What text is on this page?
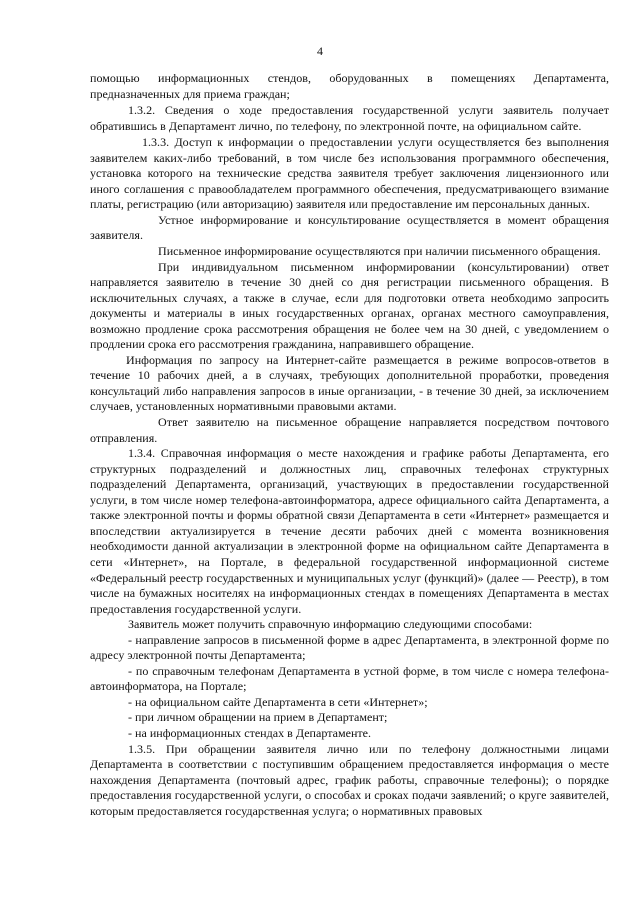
4

помощью информационных стендов, оборудованных в помещениях Департамента, предназначенных для приема граждан;

1.3.2. Сведения о ходе предоставления государственной услуги заявитель получает обратившись в Департамент лично, по телефону, по электронной почте, на официальном сайте.

1.3.3. Доступ к информации о предоставлении услуги осуществляется без выполнения заявителем каких-либо требований, в том числе без использования программного обеспечения, установка которого на технические средства заявителя требует заключения лицензионного или иного соглашения с правообладателем программного обеспечения, предусматривающего взимание платы, регистрацию (или авторизацию) заявителя или предоставление им персональных данных.

Устное информирование и консультирование осуществляется в момент обращения заявителя.

Письменное информирование осуществляются при наличии письменного обращения.

При индивидуальном письменном информировании (консультировании) ответ направляется заявителю в течение 30 дней со дня регистрации письменного обращения. В исключительных случаях, а также в случае, если для подготовки ответа необходимо запросить документы и материалы в иных государственных органах, органах местного самоуправления, возможно продление срока рассмотрения обращения не более чем на 30 дней, с уведомлением о продлении срока его рассмотрения гражданина, направившего обращение.

Информация по запросу на Интернет-сайте размещается в режиме вопросов-ответов в течение 10 рабочих дней, а в случаях, требующих дополнительной проработки, проведения консультаций либо направления запросов в иные организации, - в течение 30 дней, за исключением случаев, установленных нормативными правовыми актами.

Ответ заявителю на письменное обращение направляется посредством почтового отправления.

1.3.4. Справочная информация о месте нахождения и графике работы Департамента, его структурных подразделений и должностных лиц, справочных телефонах структурных подразделений Департамента, организаций, участвующих в предоставлении государственной услуги, в том числе номер телефона-автоинформатора, адресе официального сайта Департамента, а также электронной почты и формы обратной связи Департамента в сети «Интернет» размещается и впоследствии актуализируется в течение десяти рабочих дней с момента возникновения необходимости данной актуализации в электронной форме на официальном сайте Департамента в сети «Интернет», на Портале, в федеральной государственной информационной системе «Федеральный реестр государственных и муниципальных услуг (функций)» (далее — Реестр), в том числе на бумажных носителях на информационных стендах в помещениях Департамента в местах предоставления государственной услуги.

Заявитель может получить справочную информацию следующими способами:

- направление запросов в письменной форме в адрес Департамента, в электронной форме по адресу электронной почты Департамента;

- по справочным телефонам Департамента в устной форме, в том числе с номера телефона-автоинформатора, на Портале;

- на официальном сайте Департамента в сети «Интернет»;

- при личном обращении на прием в Департамент;

- на информационных стендах в Департаменте.

1.3.5. При обращении заявителя лично или по телефону должностными лицами Департамента в соответствии с поступившим обращением предоставляется информация о месте нахождения Департамента (почтовый адрес, график работы, справочные телефоны); о порядке предоставления государственной услуги, о способах и сроках подачи заявлений; о круге заявителей, которым предоставляется государственная услуга; о нормативных правовых
